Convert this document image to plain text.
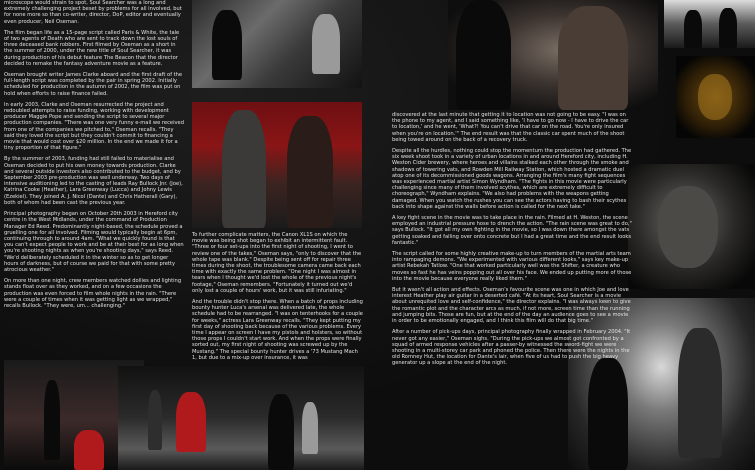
microscope would strain to spot, Soul Searcher was a long and extremely challenging project beset by problems for all involved, but for none more so than co-writer, director, DoP, editor and eventually even producer, Neil Oseman.

The film began life as a 15-page script called Paris & White, the tale of two agents of Death who are sent to track down the lost souls of three deceased bank robbers. First filmed by Oseman as a short in the summer of 2000, under the new title of Soul Searcher, it was during production of his debut feature The Beacon that the director decided to remake the fantasy adventure movie as a feature.

Oseman brought writer James Clarke aboard and the first draft of the full-length script was completed by the pair in spring 2002. Initially scheduled for production in the autumn of 2002, the film was put on hold when efforts to raise finance failed.

In early 2003, Clarke and Oseman resurrected the project and redoubled attempts to raise funding, working with development producer Maggie Pope and sending the script to several major production companies. "There was one very funny e-mail we received from one of the companies we pitched to," Oseman recalls. "They said they loved the script but they couldn't commit to financing a movie that would cost over $20 million. In the end we made it for a tiny proportion of that figure."

By the summer of 2003, funding had still failed to materialise and Oseman decided to put his own money towards production. Clarke and several outside investors also contributed to the budget, and by September 2003 pre-production was well underway. Two days of intensive auditioning led to the casting of leads Ray Bullock Jnr. (Joe), Katrina Cooke (Heather), Lara Greenway (Lucca) and Johny Lewis (Ezekiel). They joined A. J. Nicol (Dante) and Chris Hatherall (Gary), both of whom had been cast the previous year.

Principal photography began on October 20th 2003 in Hereford city centre in the West Midlands, under the command of Production Manager Ed Reed. Predominantly night-based, the schedule proved a gruelling one for all involved. Filming would typically begin at 6pm, continuing through to around 4am. "What we quickly found is that you can't expect people to work and be at their best for as long when you're shooting nights as when you're shooting days," says Reed. "We'd deliberately scheduled it in the winter so as to get longer hours of darkness, but of course we paid for that with some pretty atrocious weather."

On more than one night, crew members watched dollies and lighting stands float over as they worked, and on a few occasions the production was even forced to film whole nights in the rain. "There were a couple of times when it was getting light as we wrapped," recalls Bullock. "They were, um... challenging."

To further complicate matters, the Canon XL1S on which the movie was being shot began to exhibit an intermittent fault. "Three or four set-ups into the first night of shooting, I went to review one of the takes," Oseman says, "only to discover that the whole tape was blank." Despite being sent off for repair three times during the shoot, the troublesome camera came back each time with exactly the same problem. "One night I was almost in tears when I thought we'd lost the whole of the previous night's footage," Oseman remembers. "Fortunately it turned out we'd only lost a couple of hours' work, but it was still infuriating."

And the trouble didn't stop there. When a batch of props including bounty hunter Luca's arsenal was delivered late, the whole schedule had to be rearranged. "I was on tenterhooks for a couple for weeks," actress Lara Greenway recalls. "They kept putting my first day of shooting back because of the various problems. Every time I appear on screen I have my pistols and holsters, so without those props I couldn't start work. And when the props were finally sorted out, my first night of shooting was screwed up by the Mustang." The special bounty hunter drives a '73 Mustang Mach 1, but due to a mix-up over insurance, it was

discovered at the last minute that getting it to location was not going to be easy. "I was on the phone to my agent, and I said something like, 'I have to go now - I have to drive the car to location,' and he went, 'What?! You can't drive that car on the road. You're only insured when you're on location.'" The end result was that the classic car spent much of the shoot being towed around on the back of a recovery truck.

Despite all the hurdles, nothing could stop the momentum the production had gathered. The six week shoot took in a variety of urban locations in and around Hereford city, including H. Weston Cider brewery, where heroes and villains stalked each other through the smoke and shadows of towering vats, and Rowden Mill Railway Station, which hosted a dramatic duel atop one of its decommissioned goods wagons. Arranging the film's many fight sequences was experienced martial artist Simon Wyndham. "The fights in this movie were particularly challenging since many of them involved scythes, which are extremely difficult to choreograph," Wyndham explains. "We also had problems with the weapons getting damaged. When you watch the rushes you can see the actors having to bash their scythes back into shape against the walls before action is called for the next take."

A key fight scene in the movie was to take place in the rain. Filmed at H. Weston, the scene employed an industrial pressure hose to drench the action. "The rain scene was great to do," says Bullock. "It got all my own fighting in the movie, so I was down there amongst the vats getting soaked and falling over onto concrete but I had a great time and the end result looks fantastic."

The script called for some highly creative make-up to turn members of the martial arts team into rampaging demons. "We experimented with various different looks," says key make-up artist Rebekah Tatlow. "One that worked particularly well was the Shifter, a creature who moves so fast he has veins popping out all over his face. We ended up putting more of those into the movie because everyone really liked them."

But it wasn't all action and effects. Oseman's favourite scene was one in which Joe and love interest Heather play air guitar in a deserted café. "At its heart, Soul Searcher is a movie about unrequited love and self-confidence," the director explains. "I was always keen to give the romantic plot and the character arcs as much, if not more, screen time than the running and jumping bits. Those are fun, but at the end of the day an audience goes to see a movie in order to be emotionally engaged, and I think this film will do that big time."

After a number of pick-ups days, principal photography finally wrapped in February 2004. "It never got any easier," Oseman sighs. "During the pick-ups we almost got confronted by a squad of armed response vehicles after a passer-by witnessed the sword-fight we were shooting in a multi-storey car park and phoned the police. Then there were the nights in the old Romney Hut, the location for Dante's lair, when five of us had to push the big heavy generator up a slope at the end of the night.
